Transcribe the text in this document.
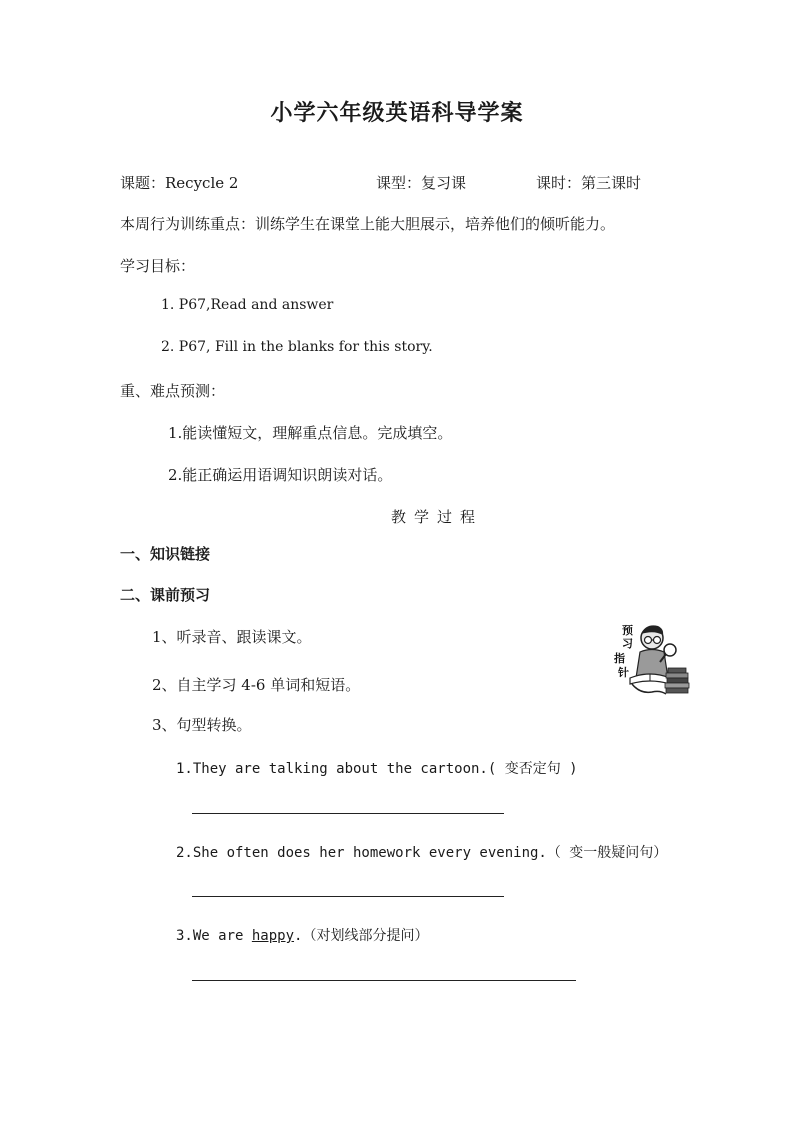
小学六年级英语科导学案
课题：Recycle 2	课型：复习课	课时：第三课时
本周行为训练重点：训练学生在课堂上能大胆展示，培养他们的倾听能力。
学习目标：
1. P67,Read and answer
2. P67, Fill in the blanks for this story.
重、难点预测：
1.能读懂短文，理解重点信息。完成填空。
2.能正确运用语调知识朗读对话。
教学过程
一、知识链接
二、课前预习
1、听录音、跟读课文。
2、自主学习 4-6 单词和短语。
3、句型转换。
1.They are talking about the cartoon.( 变否定句 )
2.She often does her homework every evening.（ 变一般疑问句）
3.We are happy.（对划线部分提问）
预
习
指
针
